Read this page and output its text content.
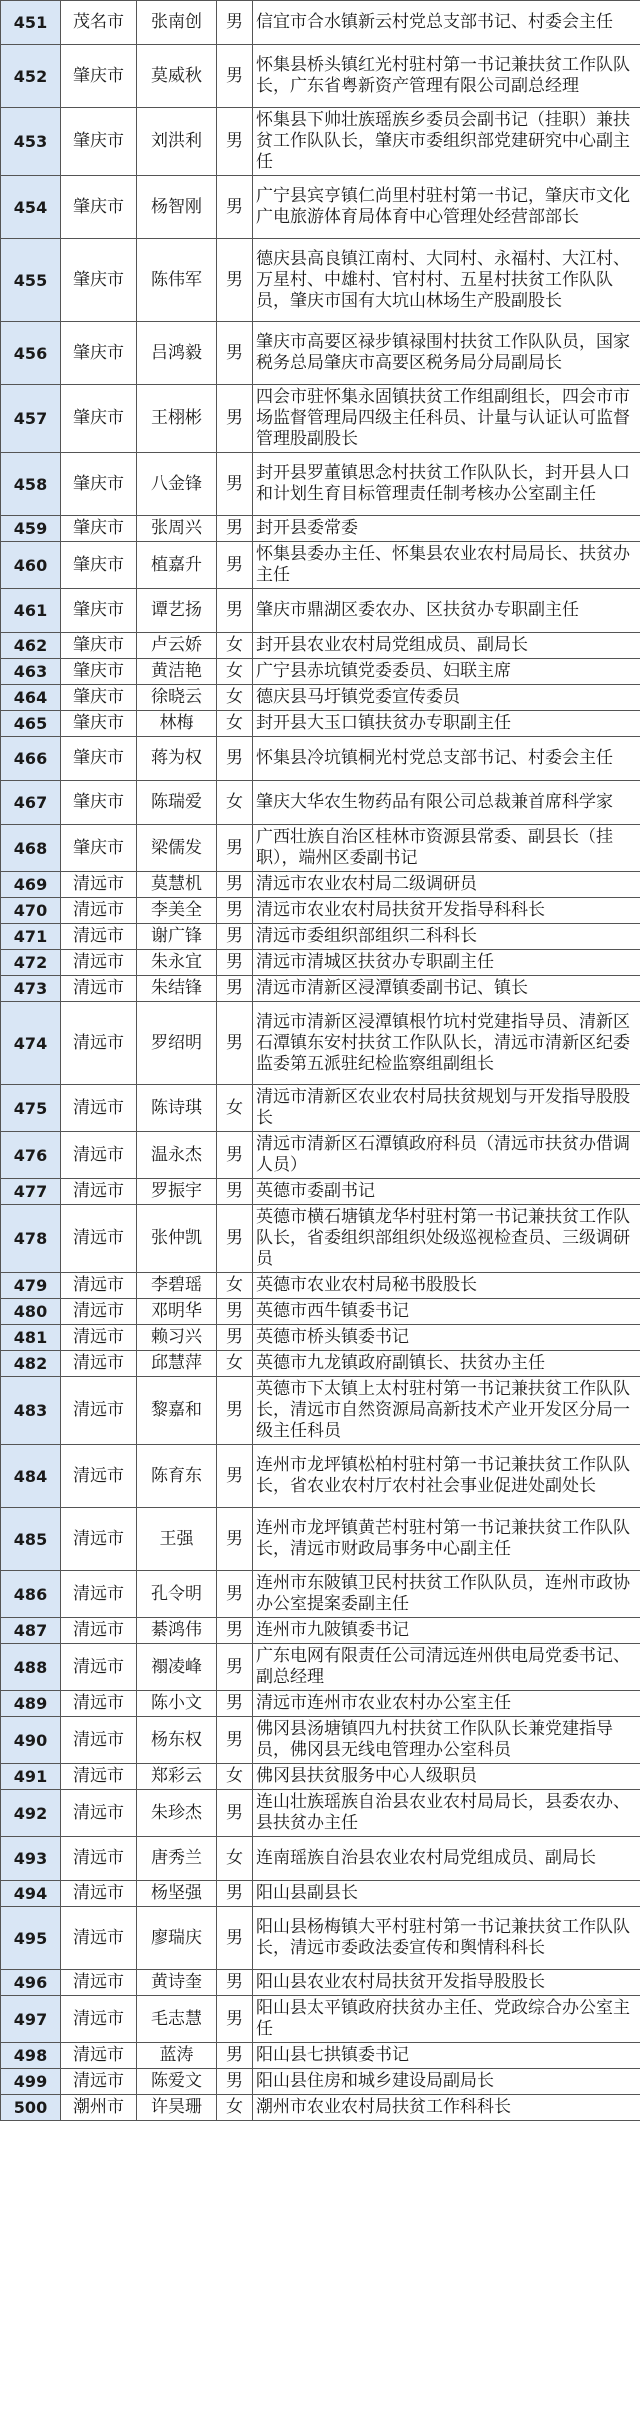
451	茂名市	张南创	男	信宜市合水镇新云村党总支部书记、村委会主任
452	肇庆市	莫威秋	男	怀集县桥头镇红光村驻村第一书记兼扶贫工作队队长，广东省粤新资产管理有限公司副总经理
453	肇庆市	刘洪利	男	怀集县下帅壮族瑶族乡委员会副书记（挂职）兼扶贫工作队队长，肇庆市委组织部党建研究中心副主任
454	肇庆市	杨智刚	男	广宁县宾亨镇仁尚里村驻村第一书记，肇庆市文化广电旅游体育局体育中心管理处经营部部长
455	肇庆市	陈伟军	男	德庆县高良镇江南村、大同村、永福村、大江村、万星村、中雄村、官村村、五星村扶贫工作队队员，肇庆市国有大坑山林场生产股副股长
456	肇庆市	吕鸿毅	男	肇庆市高要区禄步镇禄围村扶贫工作队队员，国家税务总局肇庆市高要区税务局分局副局长
457	肇庆市	王栩彬	男	四会市驻怀集永固镇扶贫工作组副组长，四会市市场监督管理局四级主任科员、计量与认证认可监督管理股副股长
458	肇庆市	八金锋	男	封开县罗董镇思念村扶贫工作队队长，封开县人口和计划生育目标管理责任制考核办公室副主任
459	肇庆市	张周兴	男	封开县委常委
460	肇庆市	植嘉升	男	怀集县委办主任、怀集县农业农村局局长、扶贫办主任
461	肇庆市	谭艺扬	男	肇庆市鼎湖区委农办、区扶贫办专职副主任
462	肇庆市	卢云娇	女	封开县农业农村局党组成员、副局长
463	肇庆市	黄洁艳	女	广宁县赤坑镇党委委员、妇联主席
464	肇庆市	徐晓云	女	德庆县马圩镇党委宣传委员
465	肇庆市	林梅	女	封开县大玉口镇扶贫办专职副主任
466	肇庆市	蒋为权	男	怀集县冷坑镇桐光村党总支部书记、村委会主任
467	肇庆市	陈瑞爱	女	肇庆大华农生物药品有限公司总裁兼首席科学家
468	肇庆市	梁儒发	男	广西壮族自治区桂林市资源县常委、副县长（挂职），端州区委副书记
469	清远市	莫慧机	男	清远市农业农村局二级调研员
470	清远市	李美全	男	清远市农业农村局扶贫开发指导科科长
471	清远市	谢广锋	男	清远市委组织部组织二科科长
472	清远市	朱永宜	男	清远市清城区扶贫办专职副主任
473	清远市	朱结锋	男	清远市清新区浸潭镇委副书记、镇长
474	清远市	罗绍明	男	清远市清新区浸潭镇根竹坑村党建指导员、清新区石潭镇东安村扶贫工作队队长，清远市清新区纪委监委第五派驻纪检监察组副组长
475	清远市	陈诗琪	女	清远市清新区农业农村局扶贫规划与开发指导股股长
476	清远市	温永杰	男	清远市清新区石潭镇政府科员（清远市扶贫办借调人员）
477	清远市	罗振宇	男	英德市委副书记
478	清远市	张仲凯	男	英德市横石塘镇龙华村驻村第一书记兼扶贫工作队队长，省委组织部组织处级巡视检查员、三级调研员
479	清远市	李碧瑶	女	英德市农业农村局秘书股股长
480	清远市	邓明华	男	英德市西牛镇委书记
481	清远市	赖习兴	男	英德市桥头镇委书记
482	清远市	邱慧萍	女	英德市九龙镇政府副镇长、扶贫办主任
483	清远市	黎嘉和	男	英德市下太镇上太村驻村第一书记兼扶贫工作队队长，清远市自然资源局高新技术产业开发区分局一级主任科员
484	清远市	陈育东	男	连州市龙坪镇松柏村驻村第一书记兼扶贫工作队队长，省农业农村厅农村社会事业促进处副处长
485	清远市	王强	男	连州市龙坪镇黄芒村驻村第一书记兼扶贫工作队队长，清远市财政局事务中心副主任
486	清远市	孔令明	男	连州市东陂镇卫民村扶贫工作队队员，连州市政协办公室提案委副主任
487	清远市	綦鸿伟	男	连州市九陂镇委书记
488	清远市	禤凌峰	男	广东电网有限责任公司清远连州供电局党委书记、副总经理
489	清远市	陈小文	男	清远市连州市农业农村办公室主任
490	清远市	杨东权	男	佛冈县汤塘镇四九村扶贫工作队队长兼党建指导员，佛冈县无线电管理办公室科员
491	清远市	郑彩云	女	佛冈县扶贫服务中心人级职员
492	清远市	朱珍杰	男	连山壮族瑶族自治县农业农村局局长，县委农办、县扶贫办主任
493	清远市	唐秀兰	女	连南瑶族自治县农业农村局党组成员、副局长
494	清远市	杨坚强	男	阳山县副县长
495	清远市	廖瑞庆	男	阳山县杨梅镇大平村驻村第一书记兼扶贫工作队队长，清远市委政法委宣传和舆情科科长
496	清远市	黄诗奎	男	阳山县农业农村局扶贫开发指导股股长
497	清远市	毛志慧	男	阳山县太平镇政府扶贫办主任、党政综合办公室主任
498	清远市	蓝涛	男	阳山县七拱镇委书记
499	清远市	陈爱文	男	阳山县住房和城乡建设局副局长
500	潮州市	许昊珊	女	潮州市农业农村局扶贫工作科科长
